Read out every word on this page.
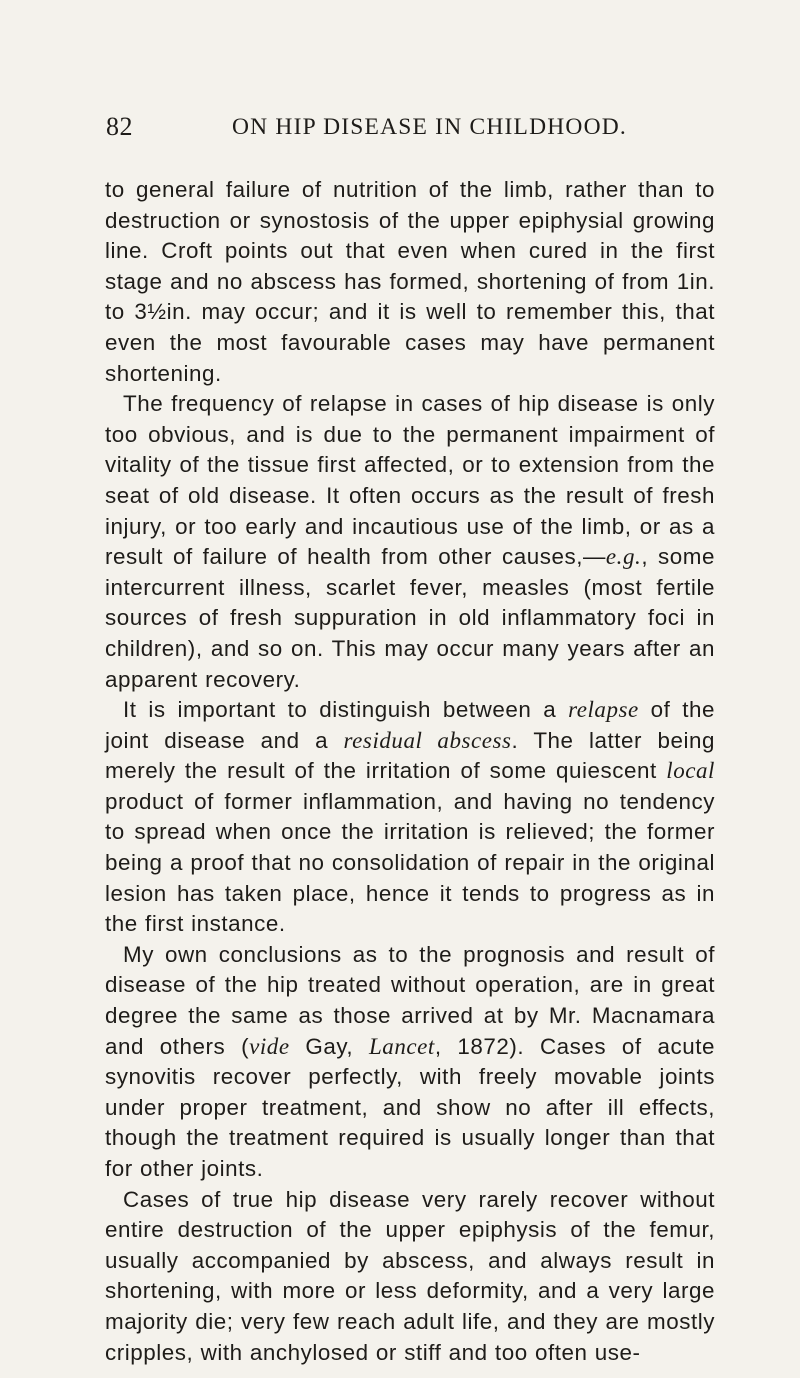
82	ON HIP DISEASE IN CHILDHOOD.

to general failure of nutrition of the limb, rather than to destruction or synostosis of the upper epiphysial growing line. Croft points out that even when cured in the first stage and no abscess has formed, shortening of from 1in. to 3½in. may occur; and it is well to remember this, that even the most favourable cases may have permanent shortening.

The frequency of relapse in cases of hip disease is only too obvious, and is due to the permanent impairment of vitality of the tissue first affected, or to extension from the seat of old disease. It often occurs as the result of fresh injury, or too early and incautious use of the limb, or as a result of failure of health from other causes,—e.g., some intercurrent illness, scarlet fever, measles (most fertile sources of fresh suppuration in old inflammatory foci in children), and so on. This may occur many years after an apparent recovery.

It is important to distinguish between a relapse of the joint disease and a residual abscess. The latter being merely the result of the irritation of some quiescent local product of former inflammation, and having no tendency to spread when once the irritation is relieved; the former being a proof that no consolidation of repair in the original lesion has taken place, hence it tends to progress as in the first instance.

My own conclusions as to the prognosis and result of disease of the hip treated without operation, are in great degree the same as those arrived at by Mr. Macnamara and others (vide Gay, Lancet, 1872). Cases of acute synovitis recover perfectly, with freely movable joints under proper treatment, and show no after ill effects, though the treatment required is usually longer than that for other joints.

Cases of true hip disease very rarely recover without entire destruction of the upper epiphysis of the femur, usually accompanied by abscess, and always result in shortening, with more or less deformity, and a very large majority die; very few reach adult life, and they are mostly cripples, with anchylosed or stiff and too often use-
